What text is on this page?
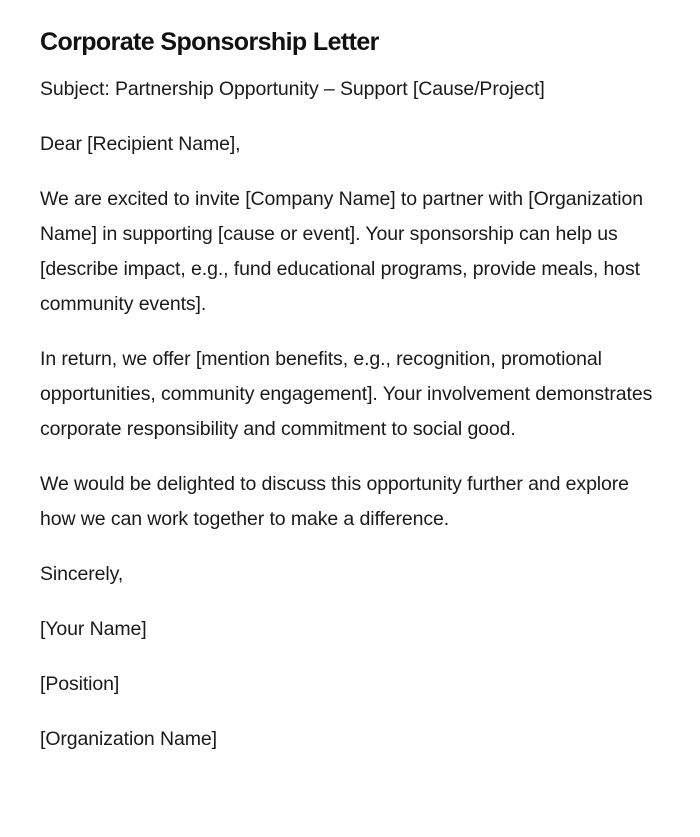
Corporate Sponsorship Letter

Subject: Partnership Opportunity – Support [Cause/Project]

Dear [Recipient Name],

We are excited to invite [Company Name] to partner with [Organization Name] in supporting [cause or event]. Your sponsorship can help us [describe impact, e.g., fund educational programs, provide meals, host community events].

In return, we offer [mention benefits, e.g., recognition, promotional opportunities, community engagement]. Your involvement demonstrates corporate responsibility and commitment to social good.

We would be delighted to discuss this opportunity further and explore how we can work together to make a difference.

Sincerely,

[Your Name]

[Position]

[Organization Name]
